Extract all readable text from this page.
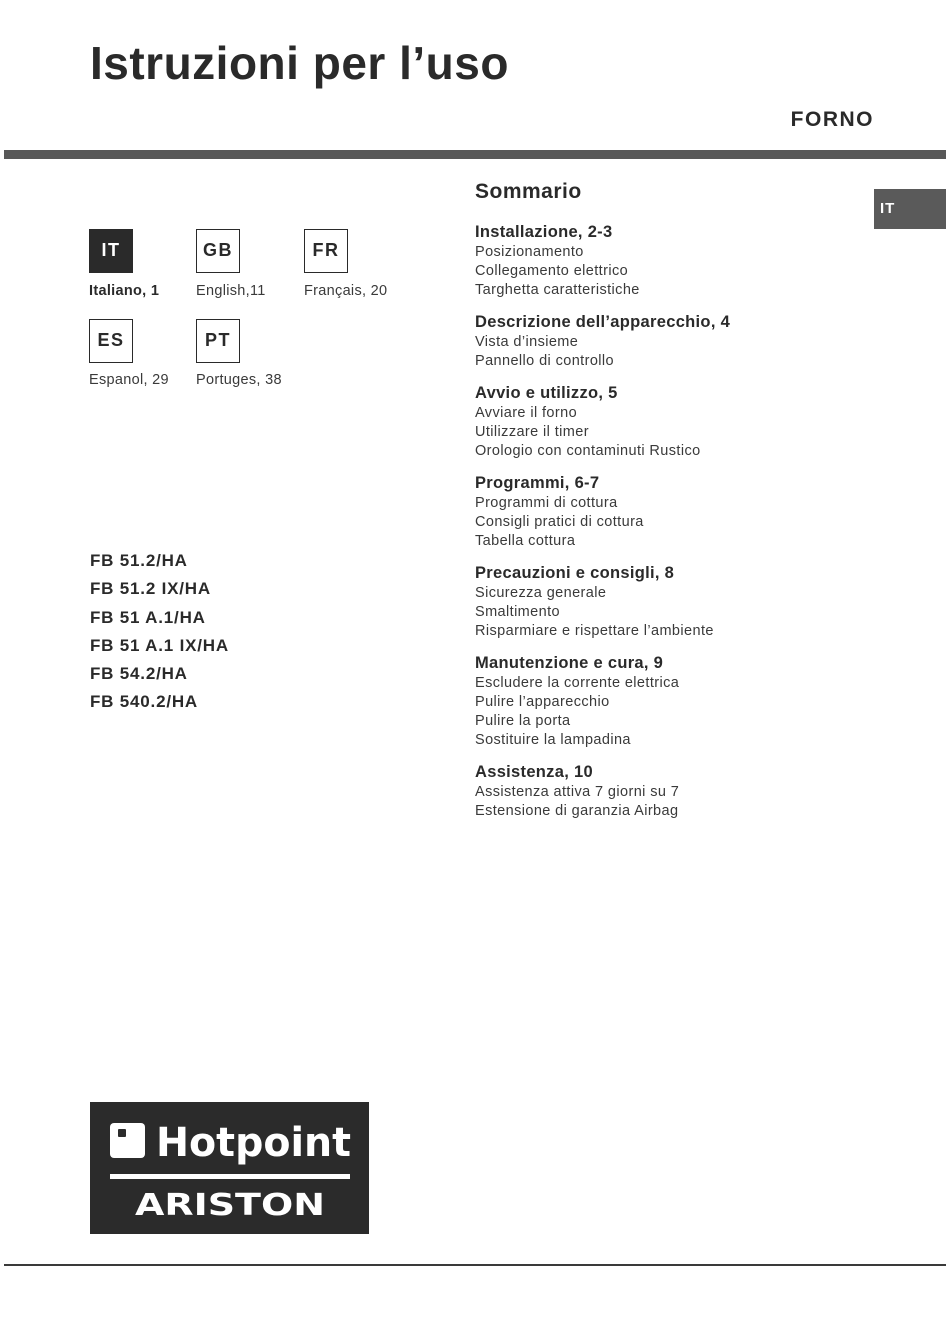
Istruzioni per l’uso
FORNO
IT
IT
Italiano, 1
GB
English,11
FR
Français, 20
ES
Espanol, 29
PT
Portuges, 38
FB 51.2/HA
FB 51.2 IX/HA
FB 51 A.1/HA
FB 51 A.1 IX/HA
FB 54.2/HA
FB 540.2/HA
Sommario
Installazione, 2-3
Posizionamento
Collegamento elettrico
Targhetta caratteristiche
Descrizione dell’apparecchio, 4
Vista d’insieme
Pannello di controllo
Avvio e utilizzo, 5
Avviare il forno
Utilizzare il timer
Orologio con contaminuti Rustico
Programmi, 6-7
Programmi di cottura
Consigli pratici di cottura
Tabella cottura
Precauzioni e consigli, 8
Sicurezza generale
Smaltimento
Risparmiare e rispettare l’ambiente
Manutenzione e cura, 9
Escludere la corrente elettrica
Pulire l’apparecchio
Pulire la porta
Sostituire la lampadina
Assistenza, 10
Assistenza attiva 7 giorni su 7
Estensione di garanzia Airbag
Hotpoint
ARISTON
